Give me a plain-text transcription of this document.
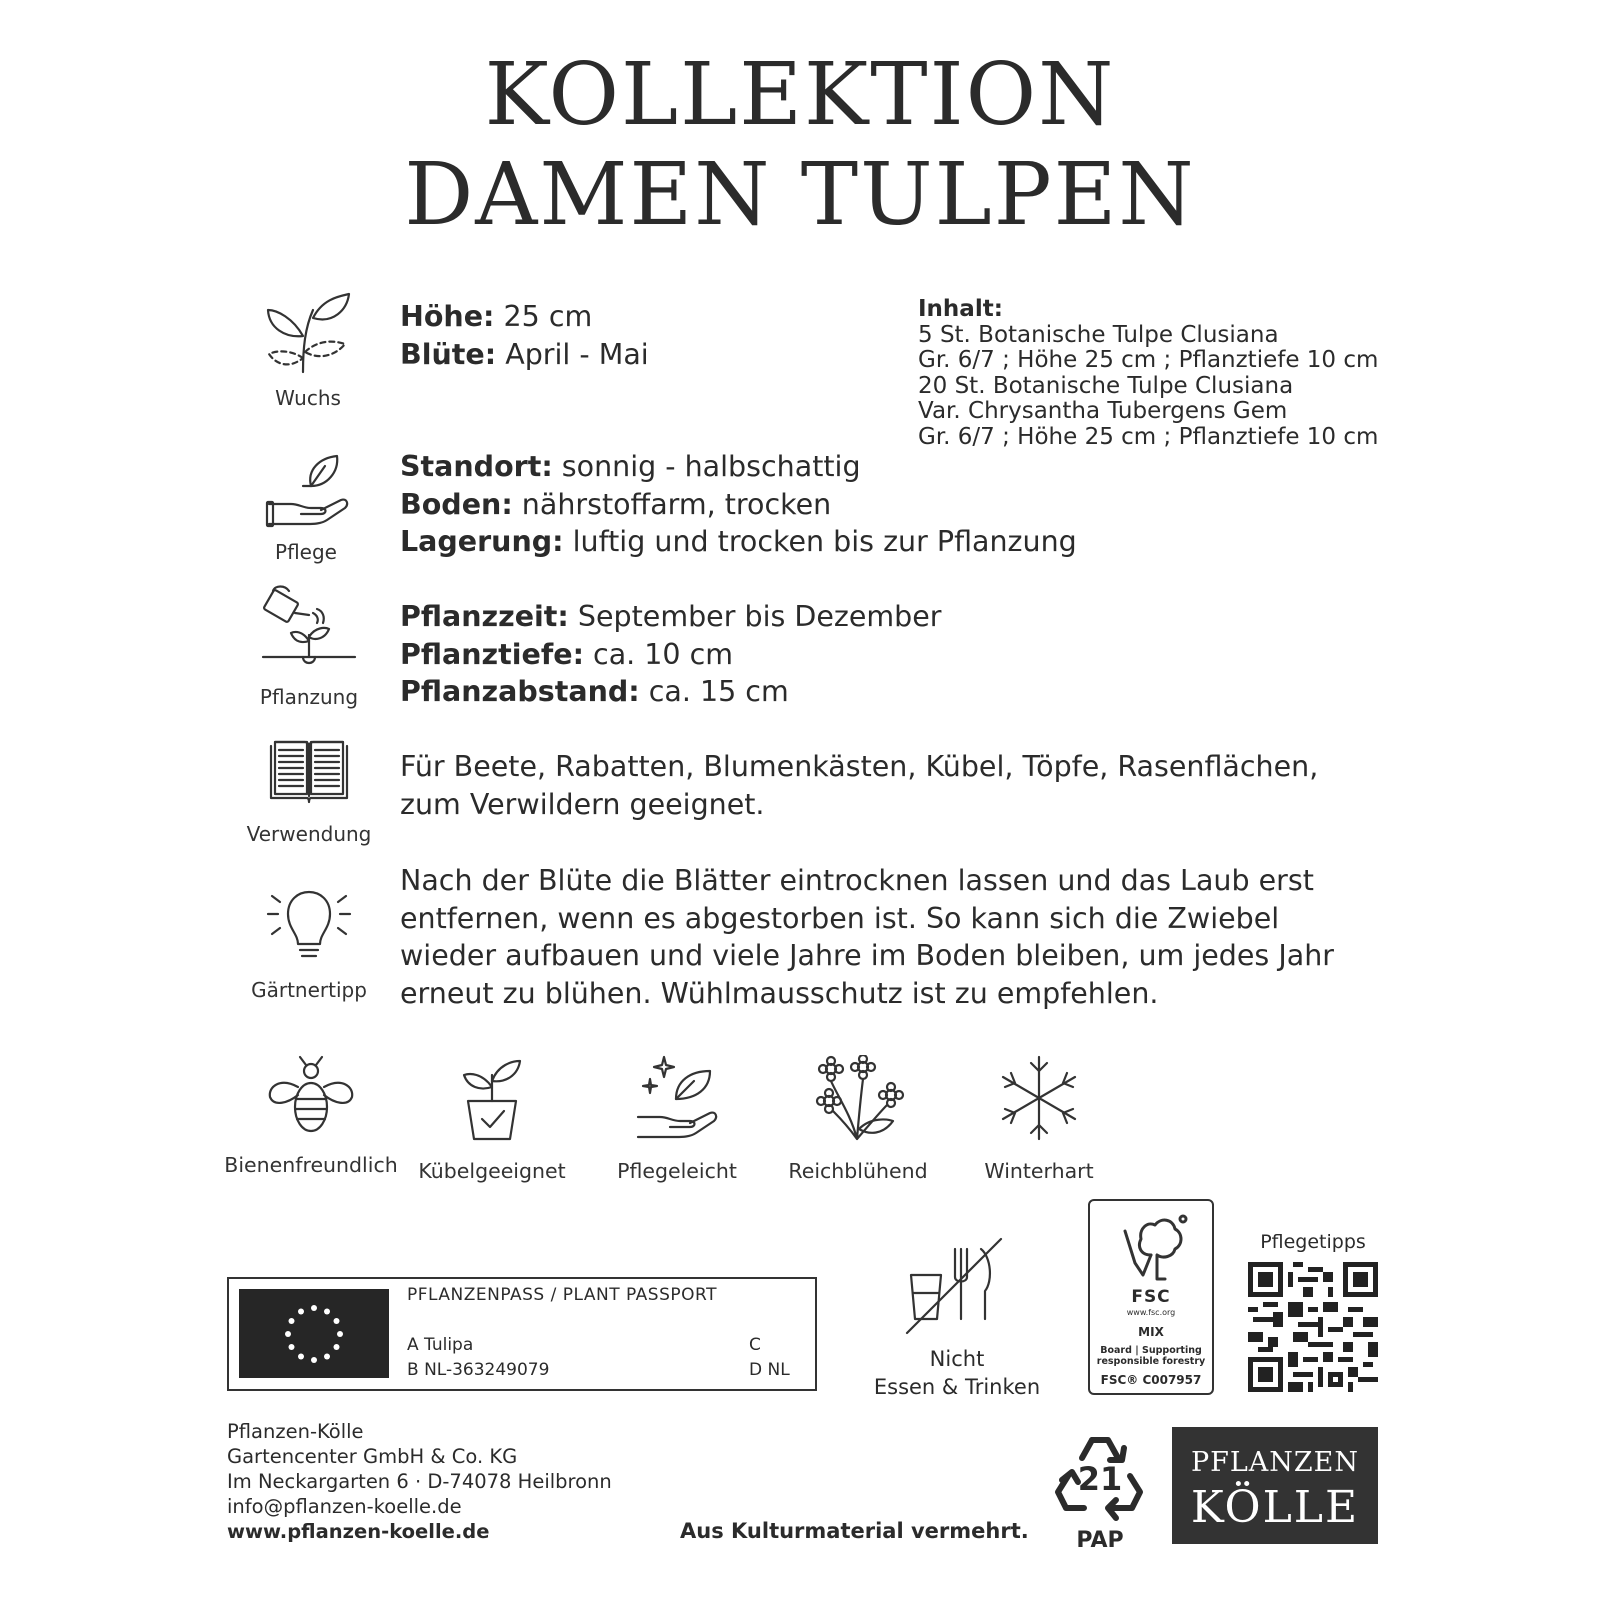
KOLLEKTION
DAMEN TULPEN
Wuchs
Höhe: 25 cm
Blüte: April - Mai
Inhalt:
5 St. Botanische Tulpe Clusiana
Gr. 6/7 ; Höhe 25 cm ; Pflanztiefe 10 cm
20 St. Botanische Tulpe Clusiana
Var. Chrysantha Tubergens Gem
Gr. 6/7 ; Höhe 25 cm ; Pflanztiefe 10 cm
Pflege
Standort: sonnig - halbschattig
Boden: nährstoffarm, trocken
Lagerung: luftig und trocken bis zur Pflanzung
Pflanzung
Pflanzzeit: September bis Dezember
Pflanztiefe: ca. 10 cm
Pflanzabstand: ca. 15 cm
Verwendung
Für Beete, Rabatten, Blumenkästen, Kübel, Töpfe, Rasenflächen,
zum Verwildern geeignet.
Gärtnertipp
Nach der Blüte die Blätter eintrocknen lassen und das Laub erst
entfernen, wenn es abgestorben ist. So kann sich die Zwiebel
wieder aufbauen und viele Jahre im Boden bleiben, um jedes Jahr
erneut zu blühen. Wühlmausschutz ist zu empfehlen.
Bienenfreundlich	Kübelgeeignet	Pflegeleicht	Reichblühend	Winterhart
PFLANZENPASS / PLANT PASSPORT
A Tulipa
B NL-363249079
C
D NL	Nicht
Essen & Trinken
FSC
www.fsc.org
MIX
Board | Supporting
responsible forestry
FSC® C007957
Pflegetipps
Pflanzen-Kölle
Gartencenter GmbH & Co. KG
Im Neckargarten 6 · D-74078 Heilbronn
info@pflanzen-koelle.de
www.pflanzen-koelle.de	Aus Kulturmaterial vermehrt.
21
PAP
PFLANZEN
KÖLLE
